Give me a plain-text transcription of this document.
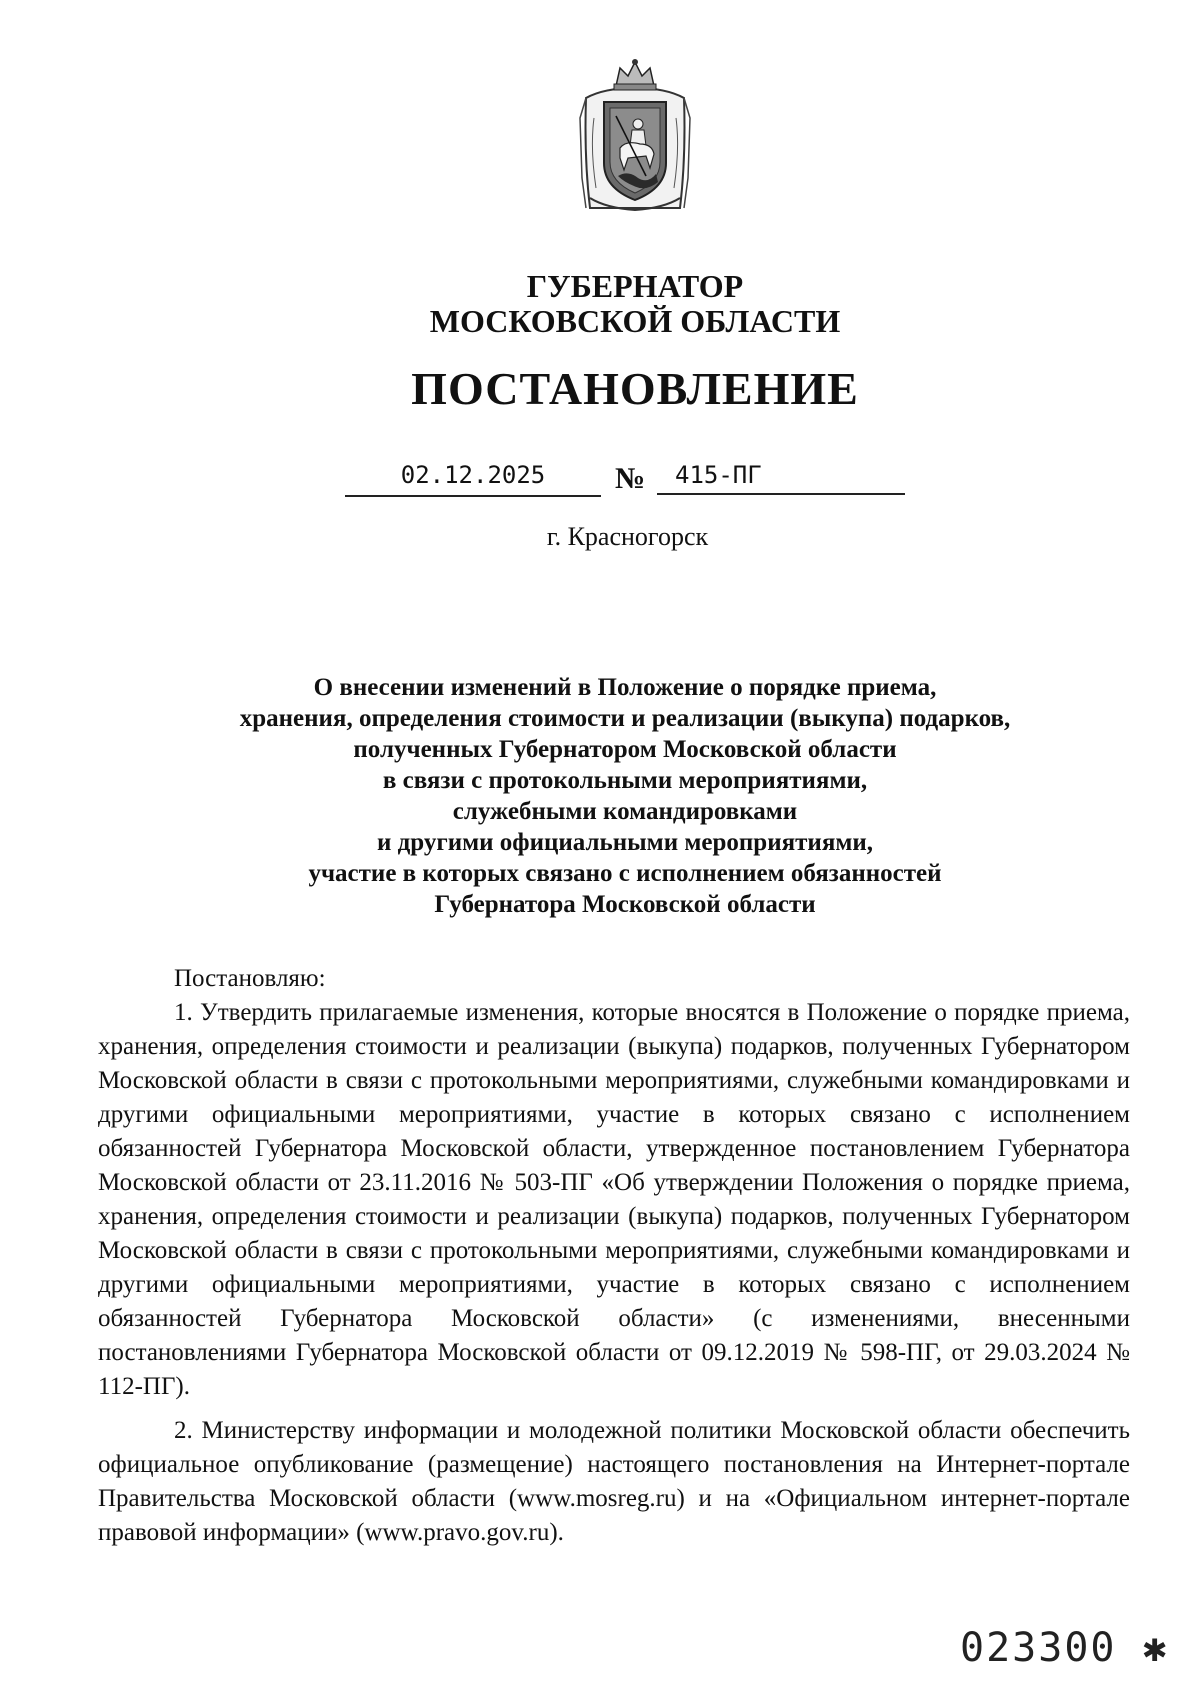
ГУБЕРНАТОР
МОСКОВСКОЙ ОБЛАСТИ
ПОСТАНОВЛЕНИЕ
02.12.2025	№	415-ПГ
г. Красногорск
О внесении изменений в Положение о порядке приема,
хранения, определения стоимости и реализации (выкупа) подарков,
полученных Губернатором Московской области
в связи с протокольными мероприятиями,
служебными командировками
и другими официальными мероприятиями,
участие в которых связано с исполнением обязанностей
Губернатора Московской области

Постановляю:

1. Утвердить прилагаемые изменения, которые вносятся в Положение о порядке приема, хранения, определения стоимости и реализации (выкупа) подарков, полученных Губернатором Московской области в связи с протокольными мероприятиями, служебными командировками и другими официальными мероприятиями, участие в которых связано с исполнением обязанностей Губернатора Московской области, утвержденное постановлением Губернатора Московской области от 23.11.2016 № 503-ПГ «Об утверждении Положения о порядке приема, хранения, определения стоимости и реализации (выкупа) подарков, полученных Губернатором Московской области в связи с протокольными мероприятиями, служебными командировками и другими официальными мероприятиями, участие в которых связано с исполнением обязанностей Губернатора Московской области» (с изменениями, внесенными постановлениями Губернатора Московской области от 09.12.2019 № 598-ПГ, от 29.03.2024 № 112-ПГ).

2. Министерству информации и молодежной политики Московской области обеспечить официальное опубликование (размещение) настоящего постановления на Интернет-портале Правительства Московской области (www.mosreg.ru) и на «Официальном интернет-портале правовой информации» (www.pravo.gov.ru).

023300 ✱
